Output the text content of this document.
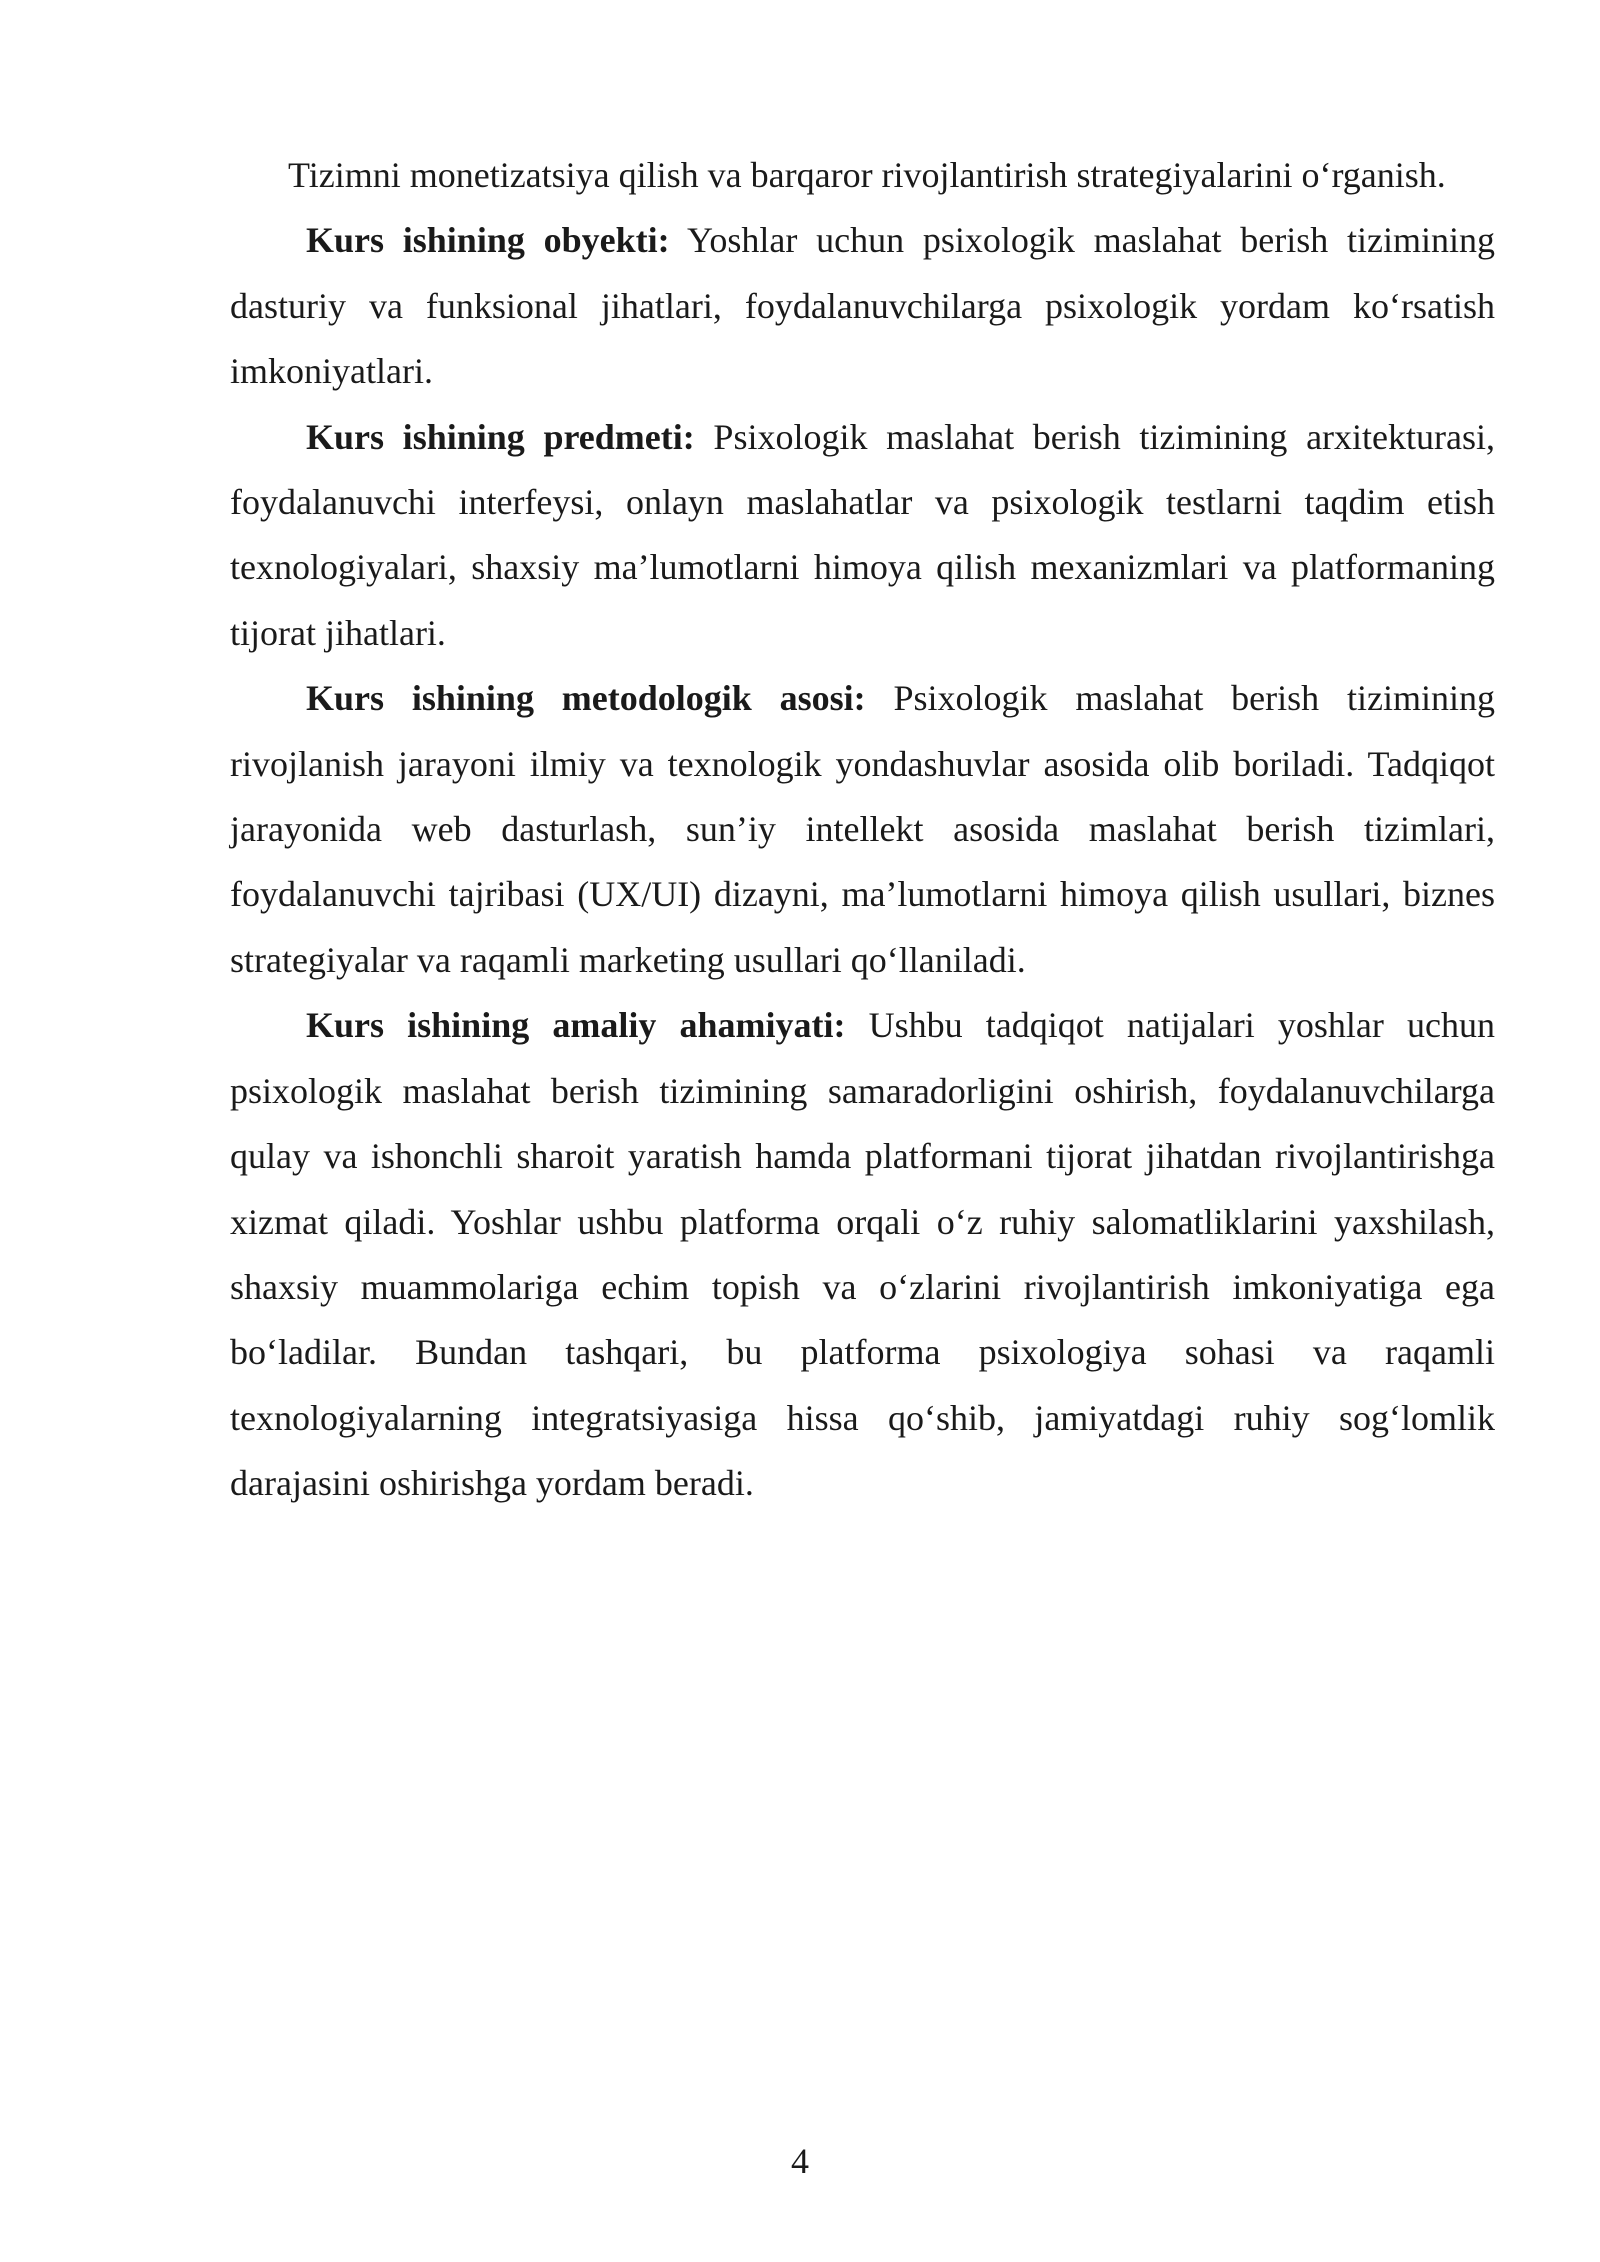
Tizimni monetizatsiya qilish va barqaror rivojlantirish strategiyalarini o‘rganish.

Kurs ishining obyekti: Yoshlar uchun psixologik maslahat berish tizimining dasturiy va funksional jihatlari, foydalanuvchilarga psixologik yordam ko‘rsatish imkoniyatlari.

Kurs ishining predmeti: Psixologik maslahat berish tizimining arxitekturasi, foydalanuvchi interfeysi, onlayn maslahatlar va psixologik testlarni taqdim etish texnologiyalari, shaxsiy ma’lumotlarni himoya qilish mexanizmlari va platformaning tijorat jihatlari.

Kurs ishining metodologik asosi: Psixologik maslahat berish tizimining rivojlanish jarayoni ilmiy va texnologik yondashuvlar asosida olib boriladi. Tadqiqot jarayonida web dasturlash, sun’iy intellekt asosida maslahat berish tizimlari, foydalanuvchi tajribasi (UX/UI) dizayni, ma’lumotlarni himoya qilish usullari, biznes strategiyalar va raqamli marketing usullari qo‘llaniladi.

Kurs ishining amaliy ahamiyati: Ushbu tadqiqot natijalari yoshlar uchun psixologik maslahat berish tizimining samaradorligini oshirish, foydalanuvchilarga qulay va ishonchli sharoit yaratish hamda platformani tijorat jihatdan rivojlantirishga xizmat qiladi. Yoshlar ushbu platforma orqali o‘z ruhiy salomatliklarini yaxshilash, shaxsiy muammolariga echim topish va o‘zlarini rivojlantirish imkoniyatiga ega bo‘ladilar. Bundan tashqari, bu platforma psixologiya sohasi va raqamli texnologiyalarning integratsiyasiga hissa qo‘shib, jamiyatdagi ruhiy sog‘lomlik darajasini oshirishga yordam beradi.

4
